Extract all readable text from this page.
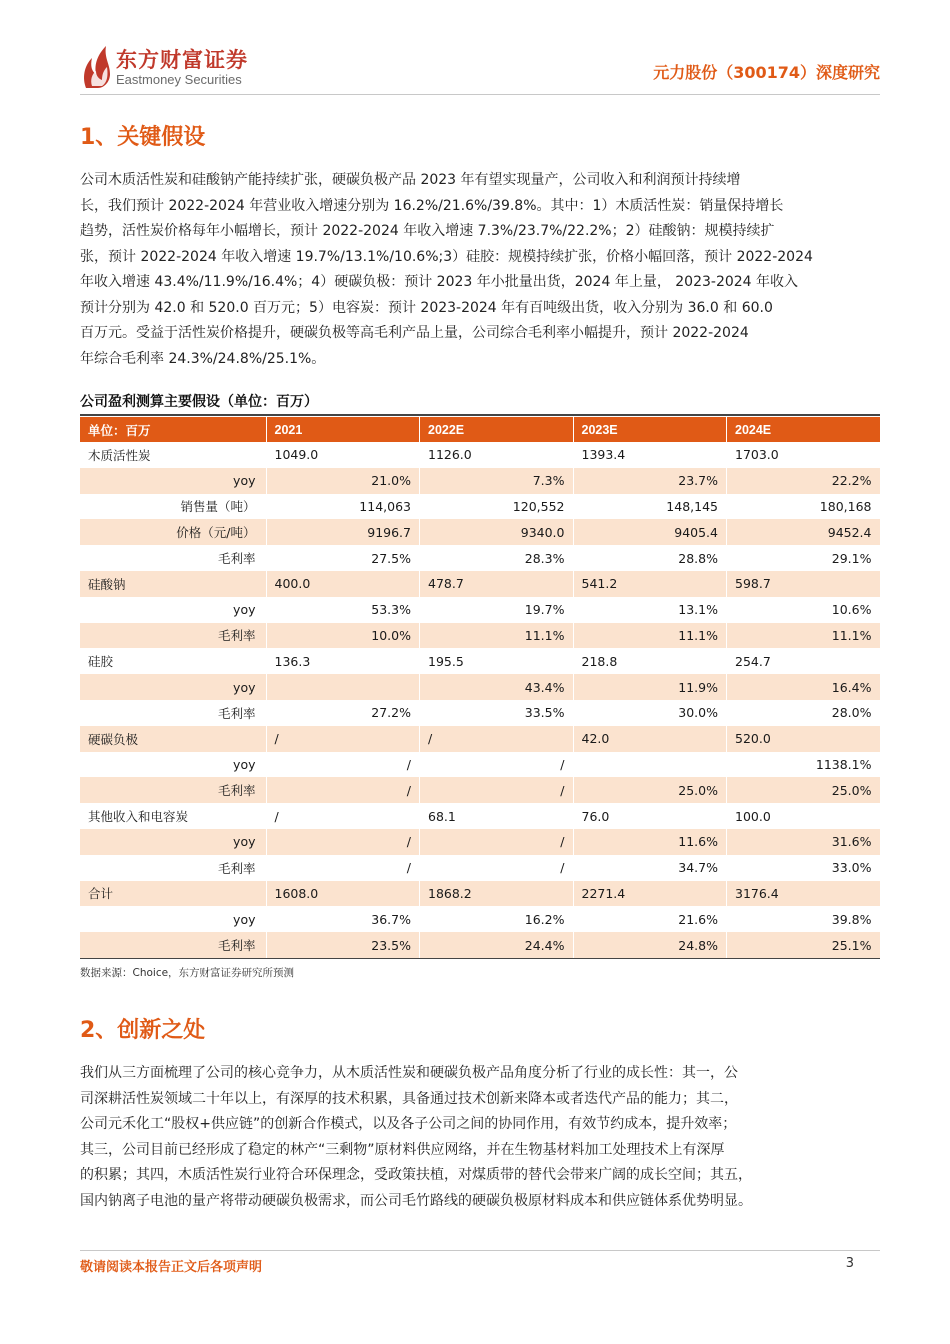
东方财富证券
Eastmoney Securities	元力股份（300174）深度研究
1、关键假设
公司木质活性炭和硅酸钠产能持续扩张，硬碳负极产品 2023 年有望实现量产，公司收入和利润预计持续增
长，我们预计 2022-2024 年营业收入增速分别为 16.2%/21.6%/39.8%。其中：1）木质活性炭：销量保持增长
趋势，活性炭价格每年小幅增长，预计 2022-2024 年收入增速 7.3%/23.7%/22.2%；2）硅酸钠：规模持续扩
张，预计 2022-2024 年收入增速 19.7%/13.1%/10.6%;3）硅胶：规模持续扩张，价格小幅回落，预计 2022-2024
年收入增速 43.4%/11.9%/16.4%；4）硬碳负极：预计 2023 年小批量出货，2024 年上量， 2023-2024 年收入
预计分别为 42.0 和 520.0 百万元；5）电容炭：预计 2023-2024 年有百吨级出货，收入分别为 36.0 和 60.0
百万元。受益于活性炭价格提升，硬碳负极等高毛利产品上量，公司综合毛利率小幅提升，预计 2022-2024
年综合毛利率 24.3%/24.8%/25.1%。
公司盈利测算主要假设（单位：百万）
单位：百万	2021	2022E	2023E	2024E
木质活性炭	1049.0	1126.0	1393.4	1703.0
yoy	21.0%	7.3%	23.7%	22.2%
销售量（吨）	114,063	120,552	148,145	180,168
价格（元/吨）	9196.7	9340.0	9405.4	9452.4
毛利率	27.5%	28.3%	28.8%	29.1%
硅酸钠	400.0	478.7	541.2	598.7
yoy	53.3%	19.7%	13.1%	10.6%
毛利率	10.0%	11.1%	11.1%	11.1%
硅胶	136.3	195.5	218.8	254.7
yoy		43.4%	11.9%	16.4%
毛利率	27.2%	33.5%	30.0%	28.0%
硬碳负极	/	/	42.0	520.0
yoy	/	/		1138.1%
毛利率	/	/	25.0%	25.0%
其他收入和电容炭	/	68.1	76.0	100.0
yoy	/	/	11.6%	31.6%
毛利率	/	/	34.7%	33.0%
合计	1608.0	1868.2	2271.4	3176.4
yoy	36.7%	16.2%	21.6%	39.8%
毛利率	23.5%	24.4%	24.8%	25.1%
数据来源：Choice，东方财富证券研究所预测
2、创新之处
我们从三方面梳理了公司的核心竞争力，从木质活性炭和硬碳负极产品角度分析了行业的成长性：其一，公
司深耕活性炭领域二十年以上，有深厚的技术积累，具备通过技术创新来降本或者迭代产品的能力；其二，
公司元禾化工“股权+供应链”的创新合作模式，以及各子公司之间的协同作用，有效节约成本，提升效率；
其三，公司目前已经形成了稳定的林产“三剩物”原材料供应网络，并在生物基材料加工处理技术上有深厚
的积累；其四，木质活性炭行业符合环保理念，受政策扶植，对煤质带的替代会带来广阔的成长空间；其五，
国内钠离子电池的量产将带动硬碳负极需求，而公司毛竹路线的硬碳负极原材料成本和供应链体系优势明显。
敬请阅读本报告正文后各项声明	3
